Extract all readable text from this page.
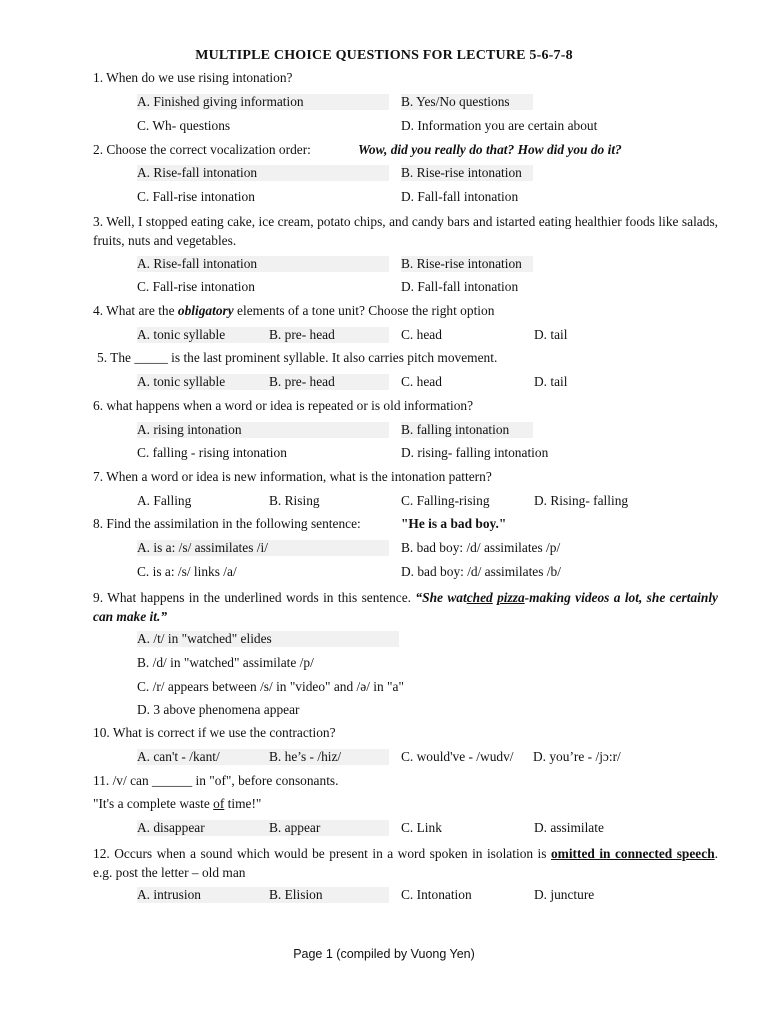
MULTIPLE CHOICE QUESTIONS FOR LECTURE 5-6-7-8
1. When do we use rising intonation?
A. Finished giving information	B. Yes/No questions
C. Wh- questions	D. Information you are certain about
2. Choose the correct vocalization order:	Wow, did you really do that? How did you do it?
A. Rise-fall intonation	B. Rise-rise intonation
C. Fall-rise intonation	D. Fall-fall intonation
3. Well, I stopped eating cake, ice cream, potato chips, and candy bars and istarted eating healthier foods like salads, fruits, nuts and vegetables.
A. Rise-fall intonation	B. Rise-rise intonation
C. Fall-rise intonation	D. Fall-fall intonation
4. What are the obligatory elements of a tone unit? Choose the right option
A. tonic syllable	B. pre- head	C. head	D. tail
5. The _____ is the last prominent syllable. It also carries pitch movement.
A. tonic syllable	B. pre- head	C. head	D. tail
6. what happens when a word or idea is repeated or is old information?
A. rising intonation	B. falling intonation
C. falling - rising intonation	D. rising- falling intonation
7. When a word or idea is new information, what is the intonation pattern?
A. Falling	B. Rising	C. Falling-rising	D. Rising- falling
8. Find the assimilation in the following sentence:	"He is a bad boy."
A. is a: /s/ assimilates /i/	B. bad boy: /d/ assimilates /p/
C. is a: /s/ links /a/	D. bad boy: /d/ assimilates /b/
9. What happens in the underlined words in this sentence. “She watched pizza-making videos a lot, she certainly can make it.”
A. /t/ in "watched" elides
B. /d/ in "watched" assimilate /p/
C. /r/ appears between /s/ in "video" and /ə/ in "a"
D. 3 above phenomena appear
10. What is correct if we use the contraction?
A. can't - /kant/	B. he’s - /hiz/	C. would've - /wudv/ D. you’re - /jɔ:r/
11. /v/ can ______ in "of", before consonants.
"It's a complete waste of time!"
A. disappear	B. appear	C. Link	D. assimilate
12. Occurs when a sound which would be present in a word spoken in isolation is omitted in connected speech. e.g. post the letter – old man
A. intrusion	B. Elision	C. Intonation	D. juncture
Page 1 (compiled by Vuong Yen)
